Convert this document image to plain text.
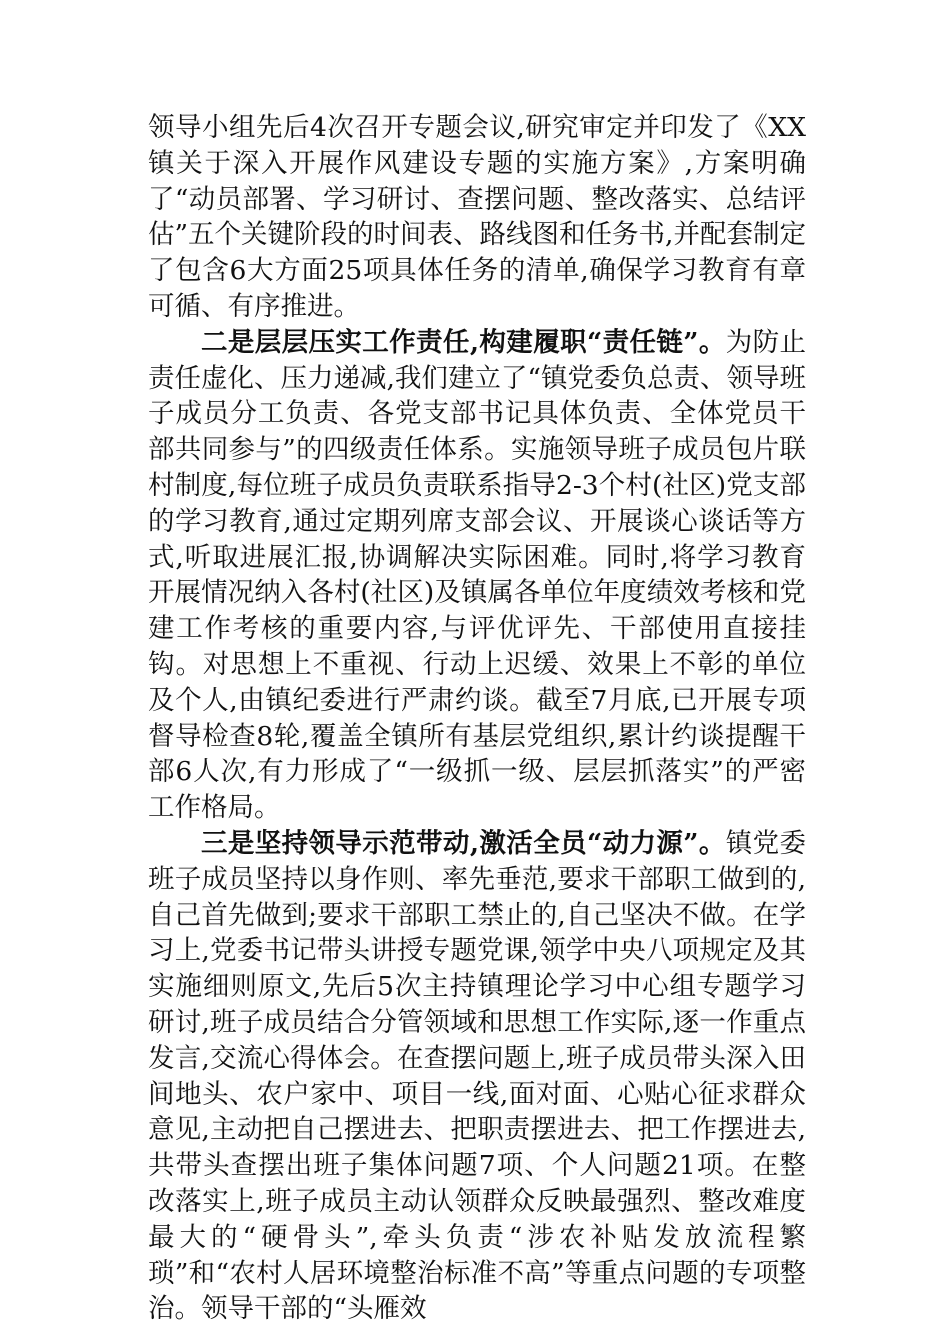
领导小组先后4次召开专题会议,研究审定并印发了《XX镇关于深入开展作风建设专题的实施方案》,方案明确了“动员部署、学习研讨、查摆问题、整改落实、总结评估”五个关键阶段的时间表、路线图和任务书,并配套制定了包含6大方面25项具体任务的清单,确保学习教育有章可循、有序推进。

二是层层压实工作责任,构建履职“责任链”。为防止责任虚化、压力递减,我们建立了“镇党委负总责、领导班子成员分工负责、各党支部书记具体负责、全体党员干部共同参与”的四级责任体系。实施领导班子成员包片联村制度,每位班子成员负责联系指导2-3个村(社区)党支部的学习教育,通过定期列席支部会议、开展谈心谈话等方式,听取进展汇报,协调解决实际困难。同时,将学习教育开展情况纳入各村(社区)及镇属各单位年度绩效考核和党建工作考核的重要内容,与评优评先、干部使用直接挂钩。对思想上不重视、行动上迟缓、效果上不彰的单位及个人,由镇纪委进行严肃约谈。截至7月底,已开展专项督导检查8轮,覆盖全镇所有基层党组织,累计约谈提醒干部6人次,有力形成了“一级抓一级、层层抓落实”的严密工作格局。

三是坚持领导示范带动,激活全员“动力源”。镇党委班子成员坚持以身作则、率先垂范,要求干部职工做到的,自己首先做到;要求干部职工禁止的,自己坚决不做。在学习上,党委书记带头讲授专题党课,领学中央八项规定及其实施细则原文,先后5次主持镇理论学习中心组专题学习研讨,班子成员结合分管领域和思想工作实际,逐一作重点发言,交流心得体会。在查摆问题上,班子成员带头深入田间地头、农户家中、项目一线,面对面、心贴心征求群众意见,主动把自己摆进去、把职责摆进去、把工作摆进去,共带头查摆出班子集体问题7项、个人问题21项。在整改落实上,班子成员主动认领群众反映最强烈、整改难度最大的“硬骨头”,牵头负责“涉农补贴发放流程繁琐”和“农村人居环境整治标准不高”等重点问题的专项整治。领导干部的“头雁效
